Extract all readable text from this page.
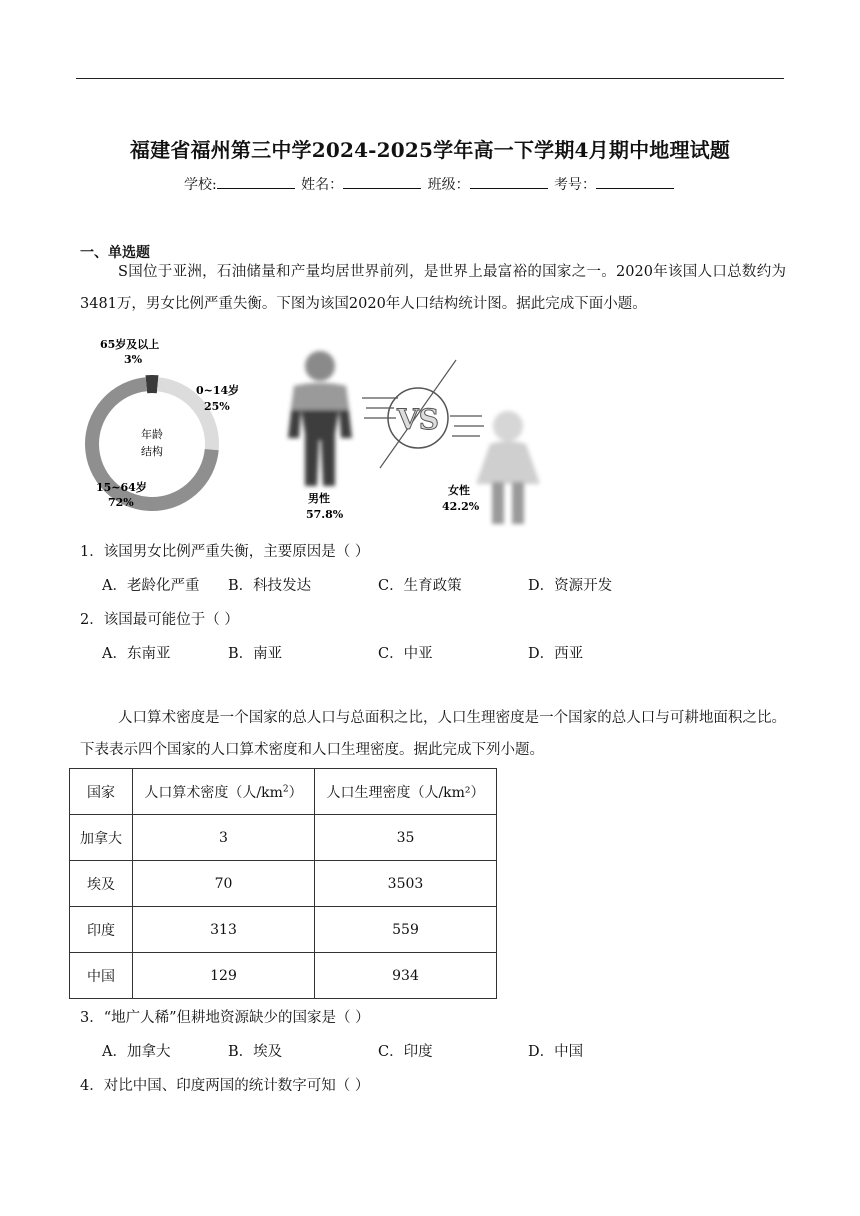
福建省福州第三中学2024-2025学年高一下学期4月期中地理试题
学校:	姓名：	班级：	考号：
一、单选题
S国位于亚洲，石油储量和产量均居世界前列，是世界上最富裕的国家之一。2020年该国人口总数约为3481万，男女比例严重失衡。下图为该国2020年人口结构统计图。据此完成下面小题。
年龄
结构
65岁及以上
3%
0~14岁
25%
15~64岁
72%	男性
57.8%
VS
女性
42.2%
1．该国男女比例严重失衡，主要原因是（ ）
A．老龄化严重 B．科技发达	C．生育政策	D．资源开发
2．该国最可能位于（ ）
A．东南亚	B．南亚	C．中亚	D．西亚
人口算术密度是一个国家的总人口与总面积之比，人口生理密度是一个国家的总人口与可耕地面积之比。下表表示四个国家的人口算术密度和人口生理密度。据此完成下列小题。
国家	人口算术密度（人$/km^2$）	人口生理密度（人/km²）
加拿大	3	35
埃及	70	3503
印度	313	559
中国	129	934
3．“地广人稀”但耕地资源缺少的国家是（ ）
A．加拿大	B．埃及	C．印度	D．中国
4．对比中国、印度两国的统计数字可知（ ）
